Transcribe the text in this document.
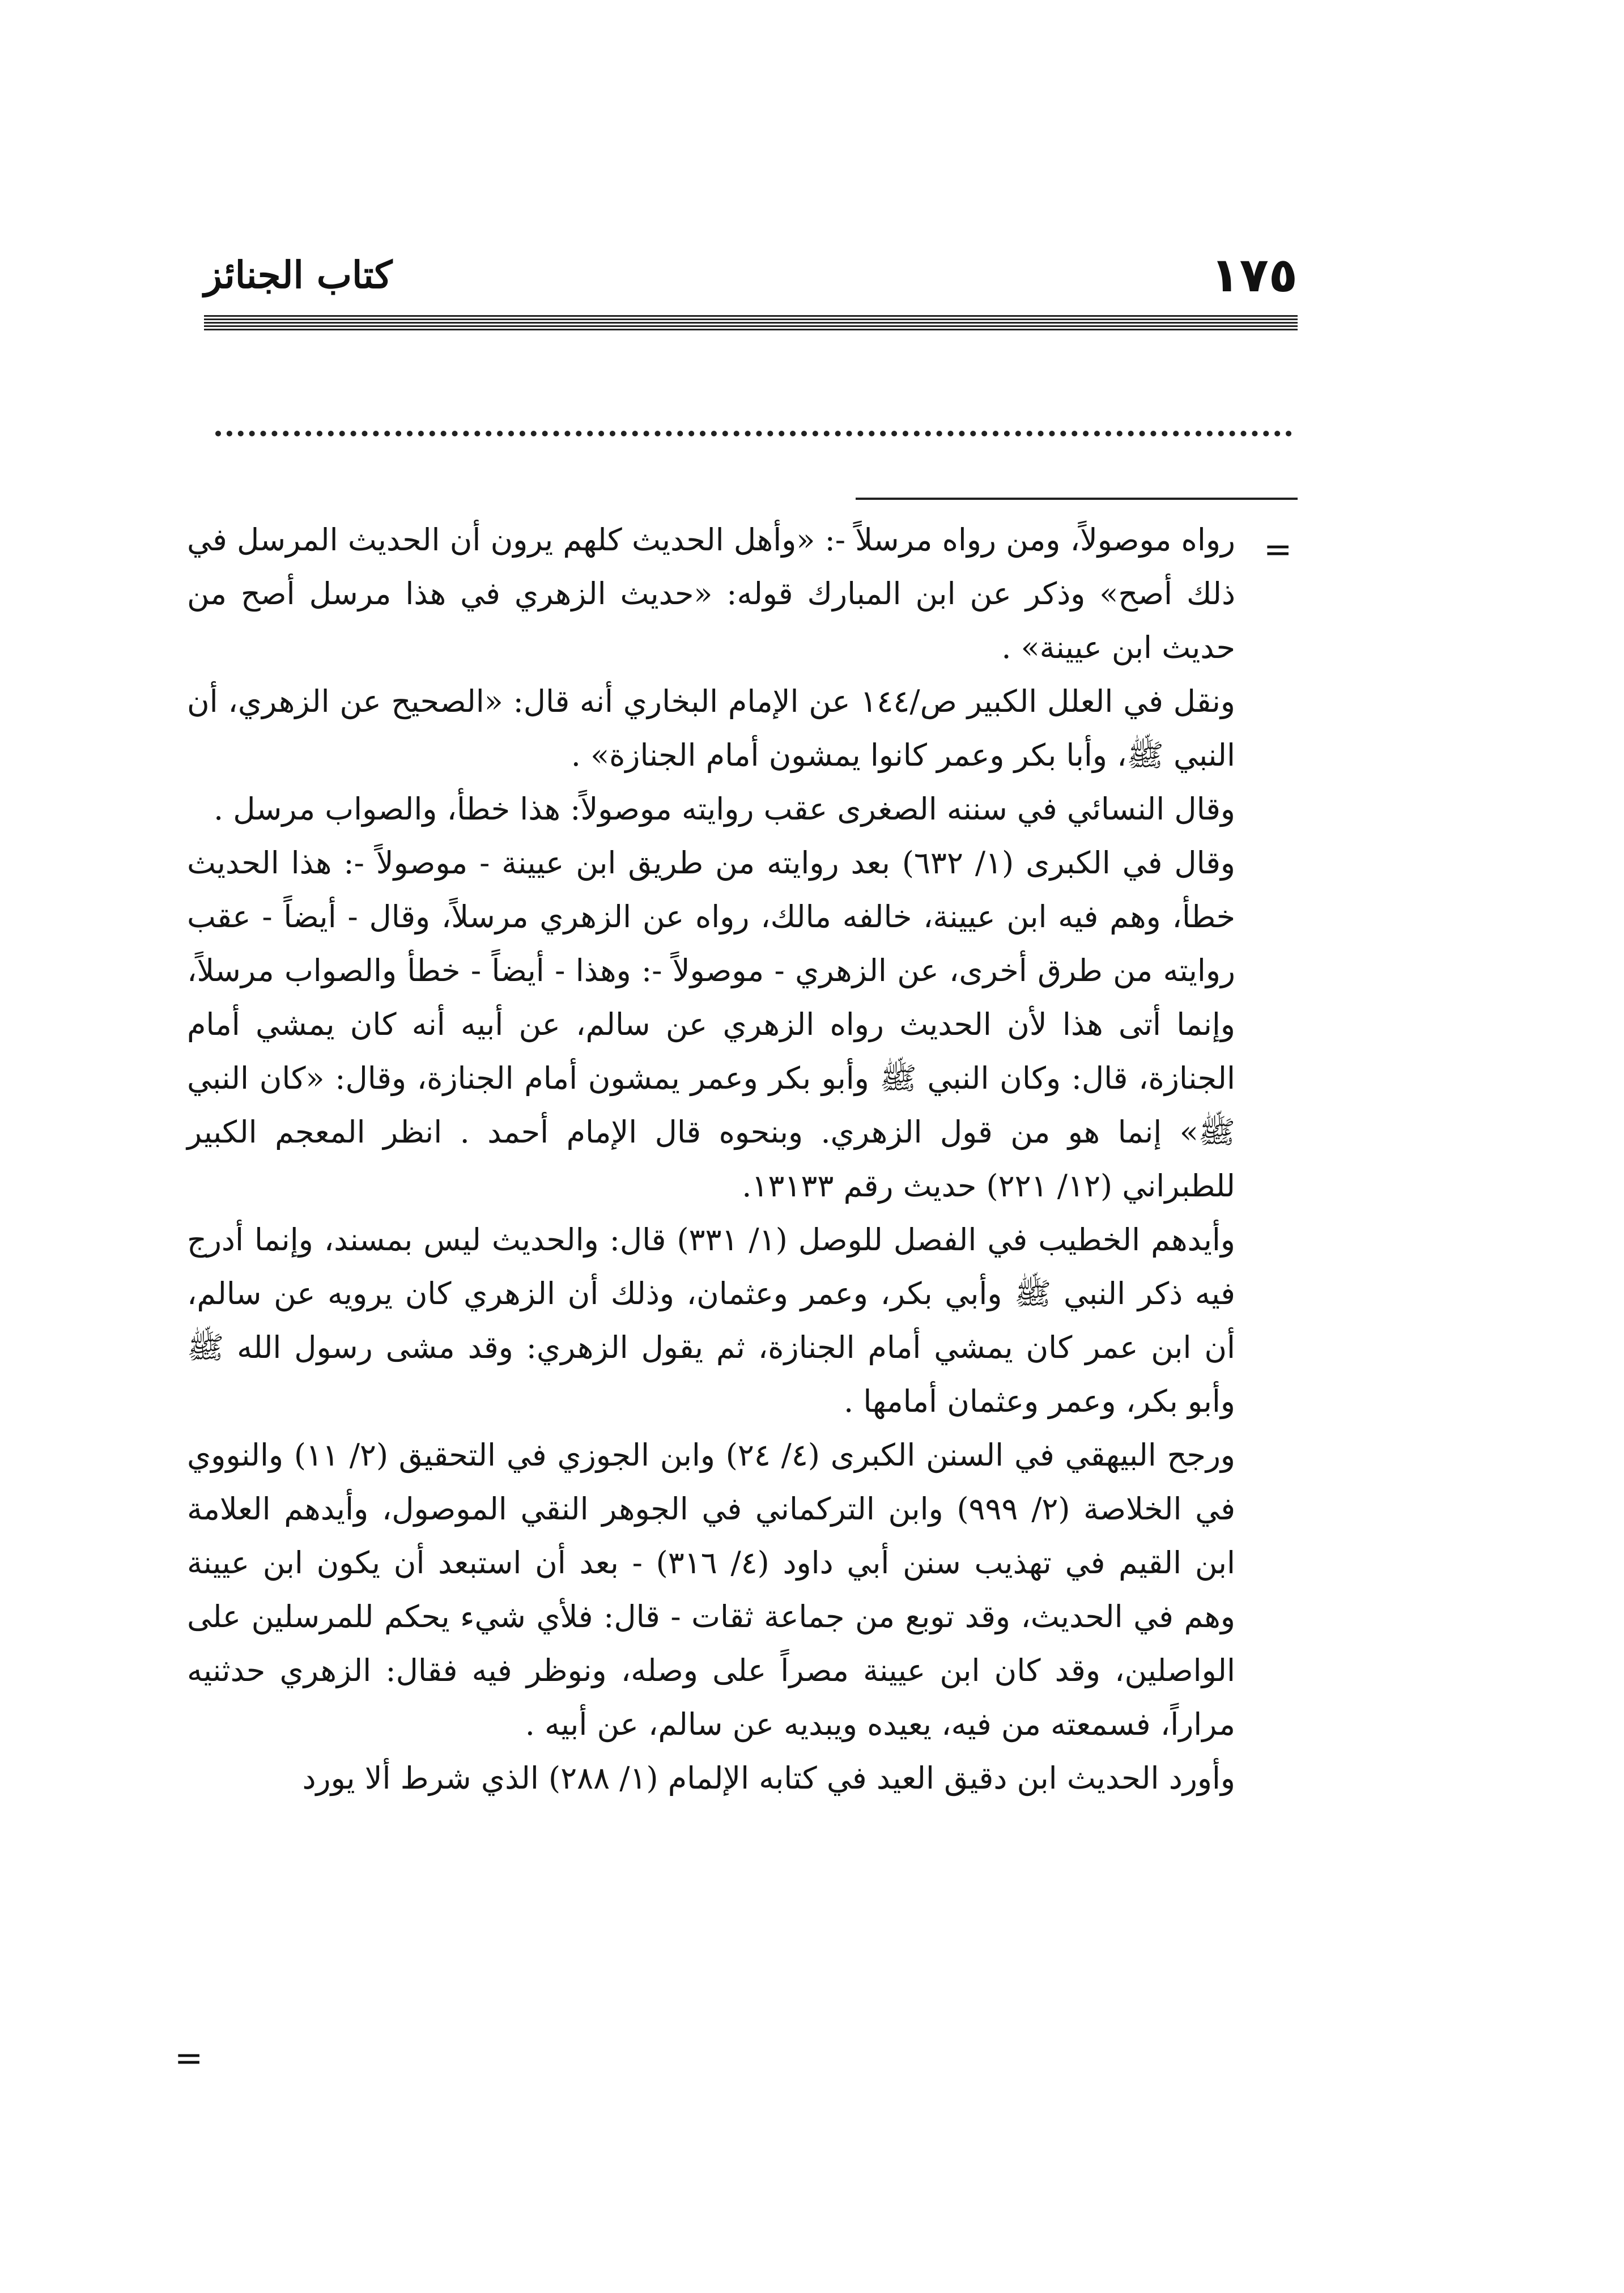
كتاب الجنائز	١٧٥
=

رواه موصولاً، ومن رواه مرسلاً -: «وأهل الحديث كلهم يرون أن الحديث المرسل في ذلك أصح» وذكر عن ابن المبارك قوله: «حديث الزهري في هذا مرسل أصح من حديث ابن عيينة» .

ونقل في العلل الكبير ص/١٤٤ عن الإمام البخاري أنه قال: «الصحيح عن الزهري، أن النبي ﷺ، وأبا بكر وعمر كانوا يمشون أمام الجنازة» .

وقال النسائي في سننه الصغرى عقب روايته موصولاً: هذا خطأ، والصواب مرسل .

وقال في الكبرى (١/ ٦٣٢) بعد روايته من طريق ابن عيينة - موصولاً -: هذا الحديث خطأ، وهم فيه ابن عيينة، خالفه مالك، رواه عن الزهري مرسلاً، وقال - أيضاً - عقب روايته من طرق أخرى، عن الزهري - موصولاً -: وهذا - أيضاً - خطأ والصواب مرسلاً، وإنما أتى هذا لأن الحديث رواه الزهري عن سالم، عن أبيه أنه كان يمشي أمام الجنازة، قال: وكان النبي ﷺ وأبو بكر وعمر يمشون أمام الجنازة، وقال: «كان النبي ﷺ» إنما هو من قول الزهري. وبنحوه قال الإمام أحمد . انظر المعجم الكبير للطبراني (١٢/ ٢٢١) حديث رقم ١٣١٣٣.

وأيدهم الخطيب في الفصل للوصل (١/ ٣٣١) قال: والحديث ليس بمسند، وإنما أدرج فيه ذكر النبي ﷺ وأبي بكر، وعمر وعثمان، وذلك أن الزهري كان يرويه عن سالم، أن ابن عمر كان يمشي أمام الجنازة، ثم يقول الزهري: وقد مشى رسول الله ﷺ وأبو بكر، وعمر وعثمان أمامها .

ورجح البيهقي في السنن الكبرى (٤/ ٢٤) وابن الجوزي في التحقيق (٢/ ١١) والنووي في الخلاصة (٢/ ٩٩٩) وابن التركماني في الجوهر النقي الموصول، وأيدهم العلامة ابن القيم في تهذيب سنن أبي داود (٤/ ٣١٦) - بعد أن استبعد أن يكون ابن عيينة وهم في الحديث، وقد توبع من جماعة ثقات - قال: فلأي شيء يحكم للمرسلين على الواصلين، وقد كان ابن عيينة مصراً على وصله، ونوظر فيه فقال: الزهري حدثنيه مراراً، فسمعته من فيه، يعيده ويبديه عن سالم، عن أبيه .

وأورد الحديث ابن دقيق العيد في كتابه الإلمام (١/ ٢٨٨) الذي شرط ألا يورد

=
